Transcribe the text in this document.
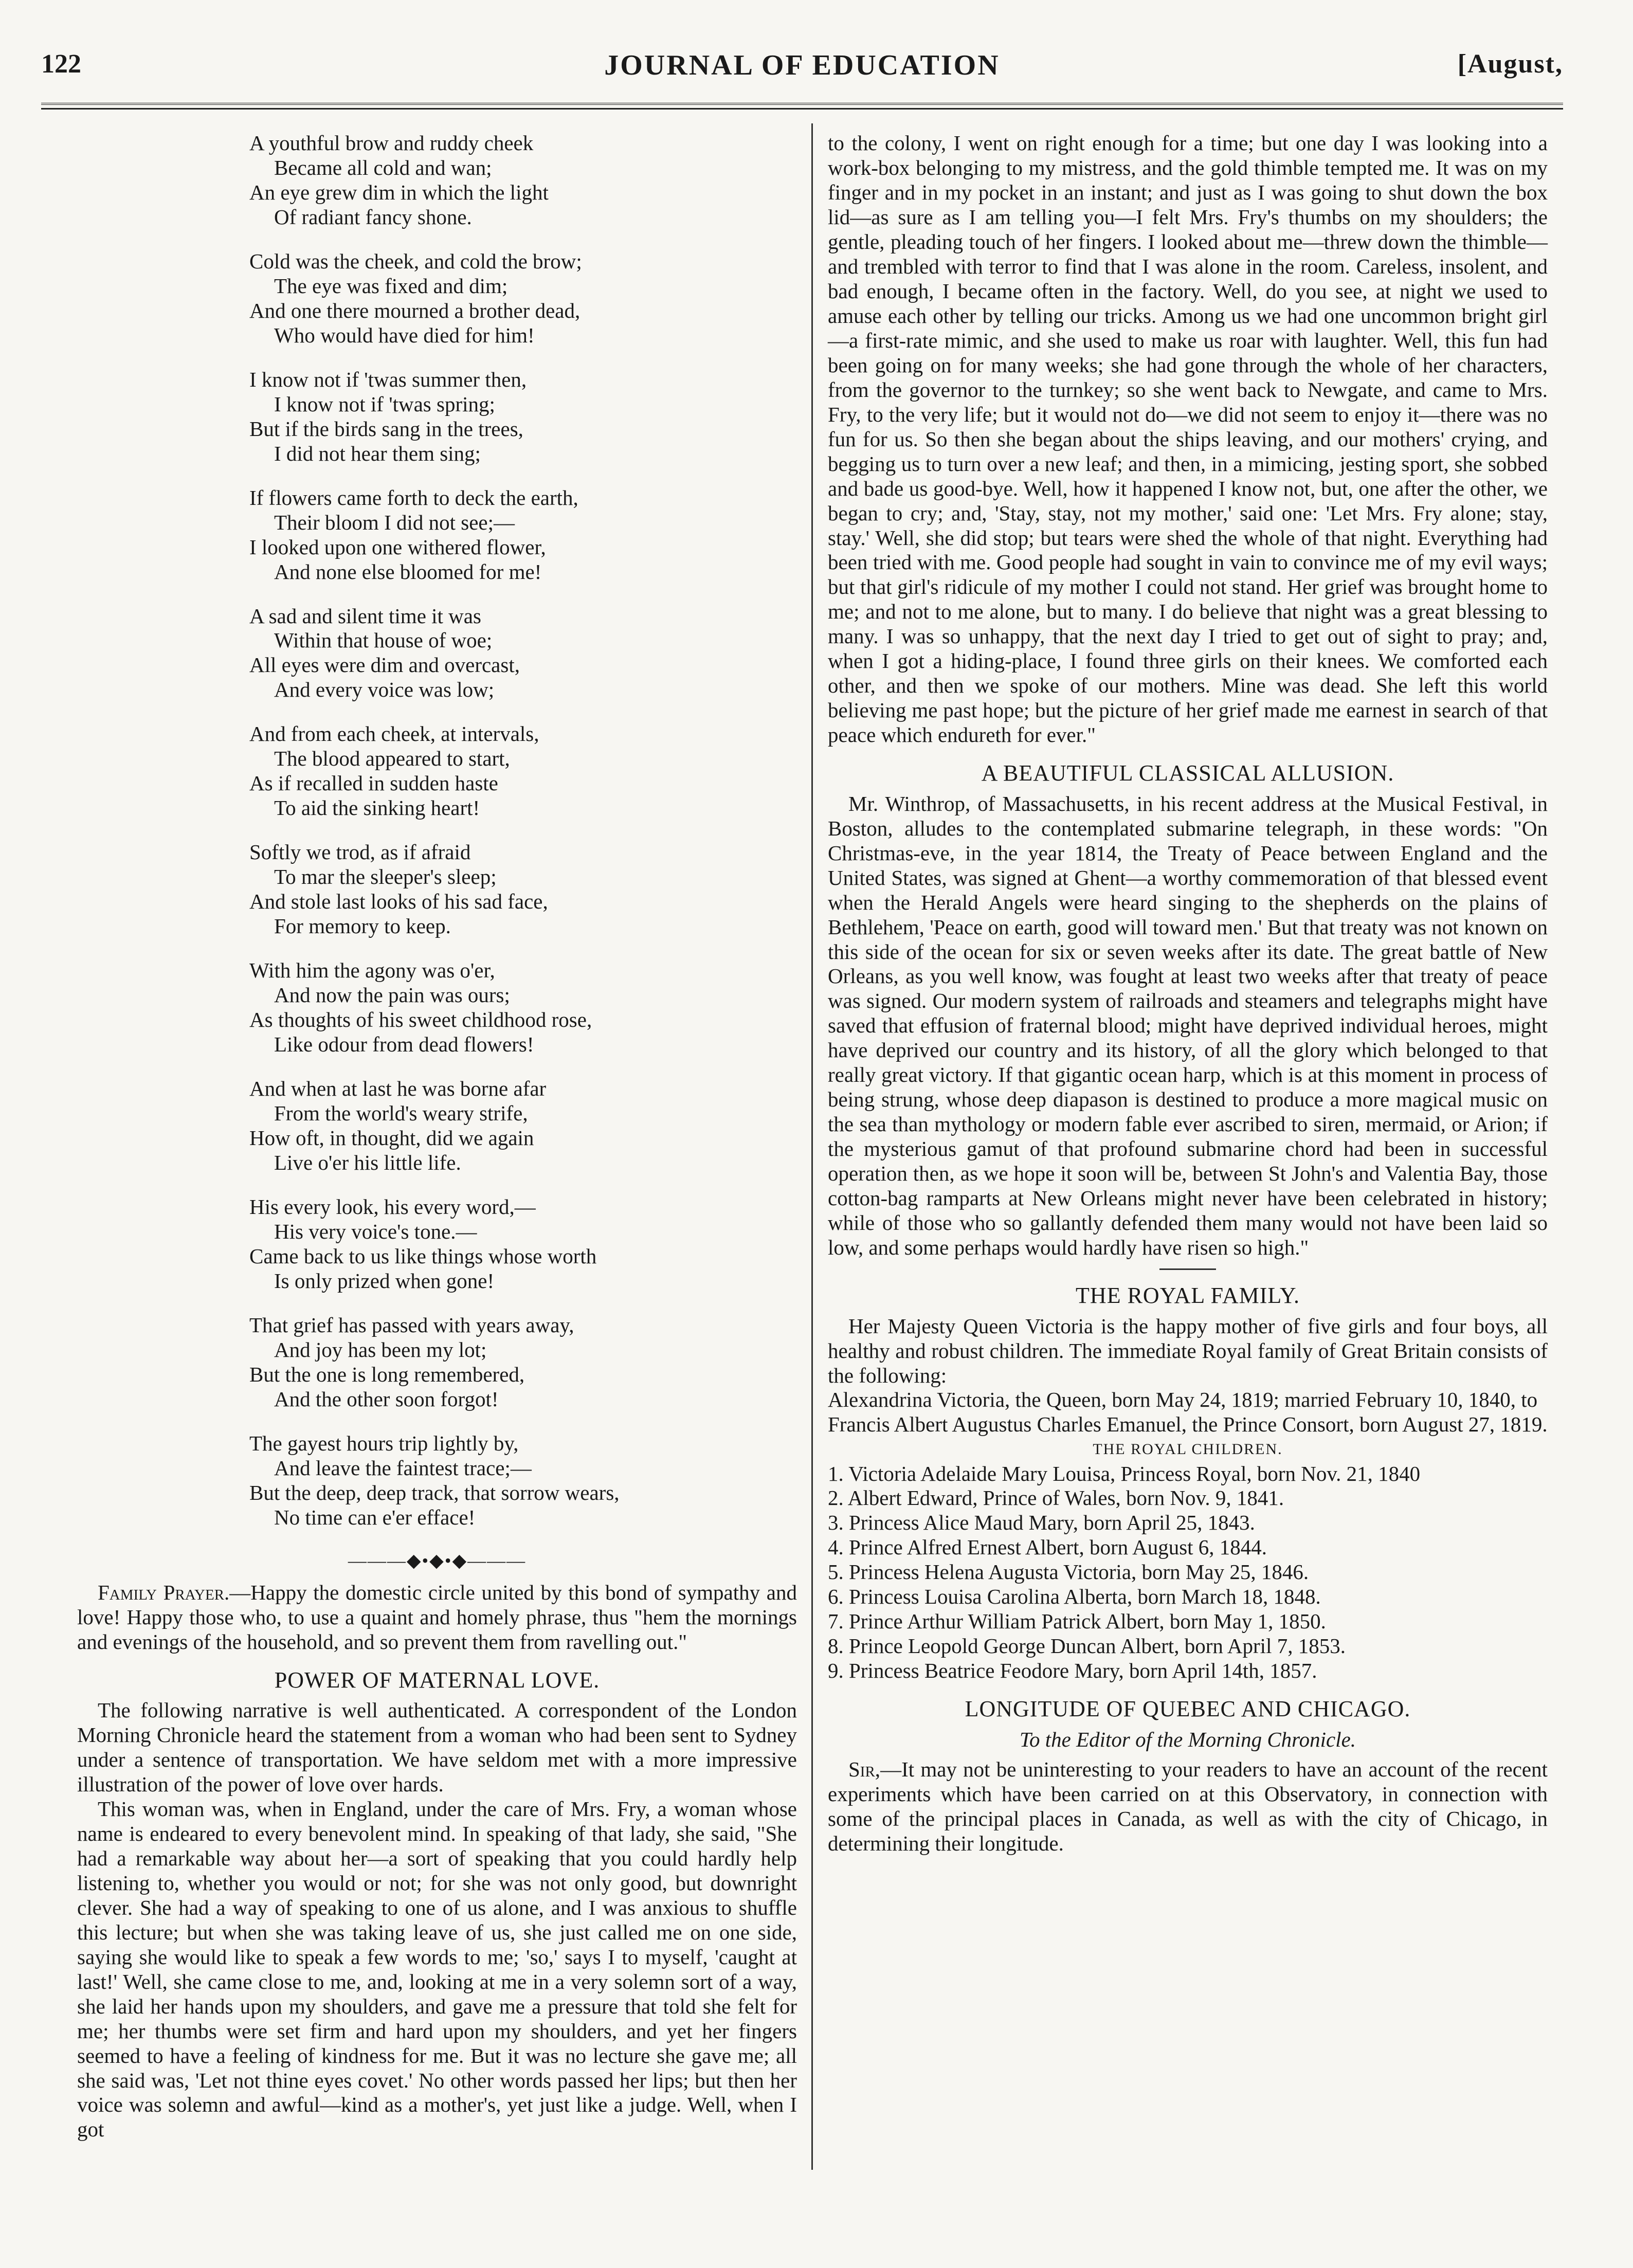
122	JOURNAL OF EDUCATION	[August,
A youthful brow and ruddy cheek
Became all cold and wan;
An eye grew dim in which the light
Of radiant fancy shone.
Cold was the cheek, and cold the brow;
The eye was fixed and dim;
And one there mourned a brother dead,
Who would have died for him!
I know not if 'twas summer then,
I know not if 'twas spring;
But if the birds sang in the trees,
I did not hear them sing;
If flowers came forth to deck the earth,
Their bloom I did not see;—
I looked upon one withered flower,
And none else bloomed for me!
A sad and silent time it was
Within that house of woe;
All eyes were dim and overcast,
And every voice was low;
And from each cheek, at intervals,
The blood appeared to start,
As if recalled in sudden haste
To aid the sinking heart!
Softly we trod, as if afraid
To mar the sleeper's sleep;
And stole last looks of his sad face,
For memory to keep.
With him the agony was o'er,
And now the pain was ours;
As thoughts of his sweet childhood rose,
Like odour from dead flowers!
And when at last he was borne afar
From the world's weary strife,
How oft, in thought, did we again
Live o'er his little life.
His every look, his every word,—
His very voice's tone.—
Came back to us like things whose worth
Is only prized when gone!
That grief has passed with years away,
And joy has been my lot;
But the one is long remembered,
And the other soon forgot!
The gayest hours trip lightly by,
And leave the faintest trace;—
But the deep, deep track, that sorrow wears,
No time can e'er efface!
———◆•◆•◆———

Family Prayer.—Happy the domestic circle united by this bond of sympathy and love! Happy those who, to use a quaint and homely phrase, thus "hem the mornings and evenings of the household, and so prevent them from ravelling out."

POWER OF MATERNAL LOVE.

The following narrative is well authenticated. A correspondent of the London Morning Chronicle heard the statement from a woman who had been sent to Sydney under a sentence of transportation. We have seldom met with a more impressive illustration of the power of love over hards.

This woman was, when in England, under the care of Mrs. Fry, a woman whose name is endeared to every benevolent mind. In speaking of that lady, she said, "She had a remarkable way about her—a sort of speaking that you could hardly help listening to, whether you would or not; for she was not only good, but downright clever. She had a way of speaking to one of us alone, and I was anxious to shuffle this lecture; but when she was taking leave of us, she just called me on one side, saying she would like to speak a few words to me; 'so,' says I to myself, 'caught at last!' Well, she came close to me, and, looking at me in a very solemn sort of a way, she laid her hands upon my shoulders, and gave me a pressure that told she felt for me; her thumbs were set firm and hard upon my shoulders, and yet her fingers seemed to have a feeling of kindness for me. But it was no lecture she gave me; all she said was, 'Let not thine eyes covet.' No other words passed her lips; but then her voice was solemn and awful—kind as a mother's, yet just like a judge. Well, when I got

to the colony, I went on right enough for a time; but one day I was looking into a work-box belonging to my mistress, and the gold thimble tempted me. It was on my finger and in my pocket in an instant; and just as I was going to shut down the box lid—as sure as I am telling you—I felt Mrs. Fry's thumbs on my shoulders; the gentle, pleading touch of her fingers. I looked about me—threw down the thimble—and trembled with terror to find that I was alone in the room. Careless, insolent, and bad enough, I became often in the factory. Well, do you see, at night we used to amuse each other by telling our tricks. Among us we had one uncommon bright girl—a first-rate mimic, and she used to make us roar with laughter. Well, this fun had been going on for many weeks; she had gone through the whole of her characters, from the governor to the turnkey; so she went back to Newgate, and came to Mrs. Fry, to the very life; but it would not do—we did not seem to enjoy it—there was no fun for us. So then she began about the ships leaving, and our mothers' crying, and begging us to turn over a new leaf; and then, in a mimicing, jesting sport, she sobbed and bade us good-bye. Well, how it happened I know not, but, one after the other, we began to cry; and, 'Stay, stay, not my mother,' said one: 'Let Mrs. Fry alone; stay, stay.' Well, she did stop; but tears were shed the whole of that night. Everything had been tried with me. Good people had sought in vain to convince me of my evil ways; but that girl's ridicule of my mother I could not stand. Her grief was brought home to me; and not to me alone, but to many. I do believe that night was a great blessing to many. I was so unhappy, that the next day I tried to get out of sight to pray; and, when I got a hiding-place, I found three girls on their knees. We comforted each other, and then we spoke of our mothers. Mine was dead. She left this world believing me past hope; but the picture of her grief made me earnest in search of that peace which endureth for ever."

A BEAUTIFUL CLASSICAL ALLUSION.

Mr. Winthrop, of Massachusetts, in his recent address at the Musical Festival, in Boston, alludes to the contemplated submarine telegraph, in these words: "On Christmas-eve, in the year 1814, the Treaty of Peace between England and the United States, was signed at Ghent—a worthy commemoration of that blessed event when the Herald Angels were heard singing to the shepherds on the plains of Bethlehem, 'Peace on earth, good will toward men.' But that treaty was not known on this side of the ocean for six or seven weeks after its date. The great battle of New Orleans, as you well know, was fought at least two weeks after that treaty of peace was signed. Our modern system of railroads and steamers and telegraphs might have saved that effusion of fraternal blood; might have deprived individual heroes, might have deprived our country and its history, of all the glory which belonged to that really great victory. If that gigantic ocean harp, which is at this moment in process of being strung, whose deep diapason is destined to produce a more magical music on the sea than mythology or modern fable ever ascribed to siren, mermaid, or Arion; if the mysterious gamut of that profound submarine chord had been in successful operation then, as we hope it soon will be, between St John's and Valentia Bay, those cotton-bag ramparts at New Orleans might never have been celebrated in history; while of those who so gallantly defended them many would not have been laid so low, and some perhaps would hardly have risen so high."

THE ROYAL FAMILY.

Her Majesty Queen Victoria is the happy mother of five girls and four boys, all healthy and robust children. The immediate Royal family of Great Britain consists of the following:

Alexandrina Victoria, the Queen, born May 24, 1819; married February 10, 1840, to

Francis Albert Augustus Charles Emanuel, the Prince Consort, born August 27, 1819.

THE ROYAL CHILDREN.
1. Victoria Adelaide Mary Louisa, Princess Royal, born Nov. 21, 1840
2. Albert Edward, Prince of Wales, born Nov. 9, 1841.
3. Princess Alice Maud Mary, born April 25, 1843.
4. Prince Alfred Ernest Albert, born August 6, 1844.
5. Princess Helena Augusta Victoria, born May 25, 1846.
6. Princess Louisa Carolina Alberta, born March 18, 1848.
7. Prince Arthur William Patrick Albert, born May 1, 1850.
8. Prince Leopold George Duncan Albert, born April 7, 1853.
9. Princess Beatrice Feodore Mary, born April 14th, 1857.
LONGITUDE OF QUEBEC AND CHICAGO.
To the Editor of the Morning Chronicle.

Sir,—It may not be uninteresting to your readers to have an account of the recent experiments which have been carried on at this Observatory, in connection with some of the principal places in Canada, as well as with the city of Chicago, in determining their longitude.
